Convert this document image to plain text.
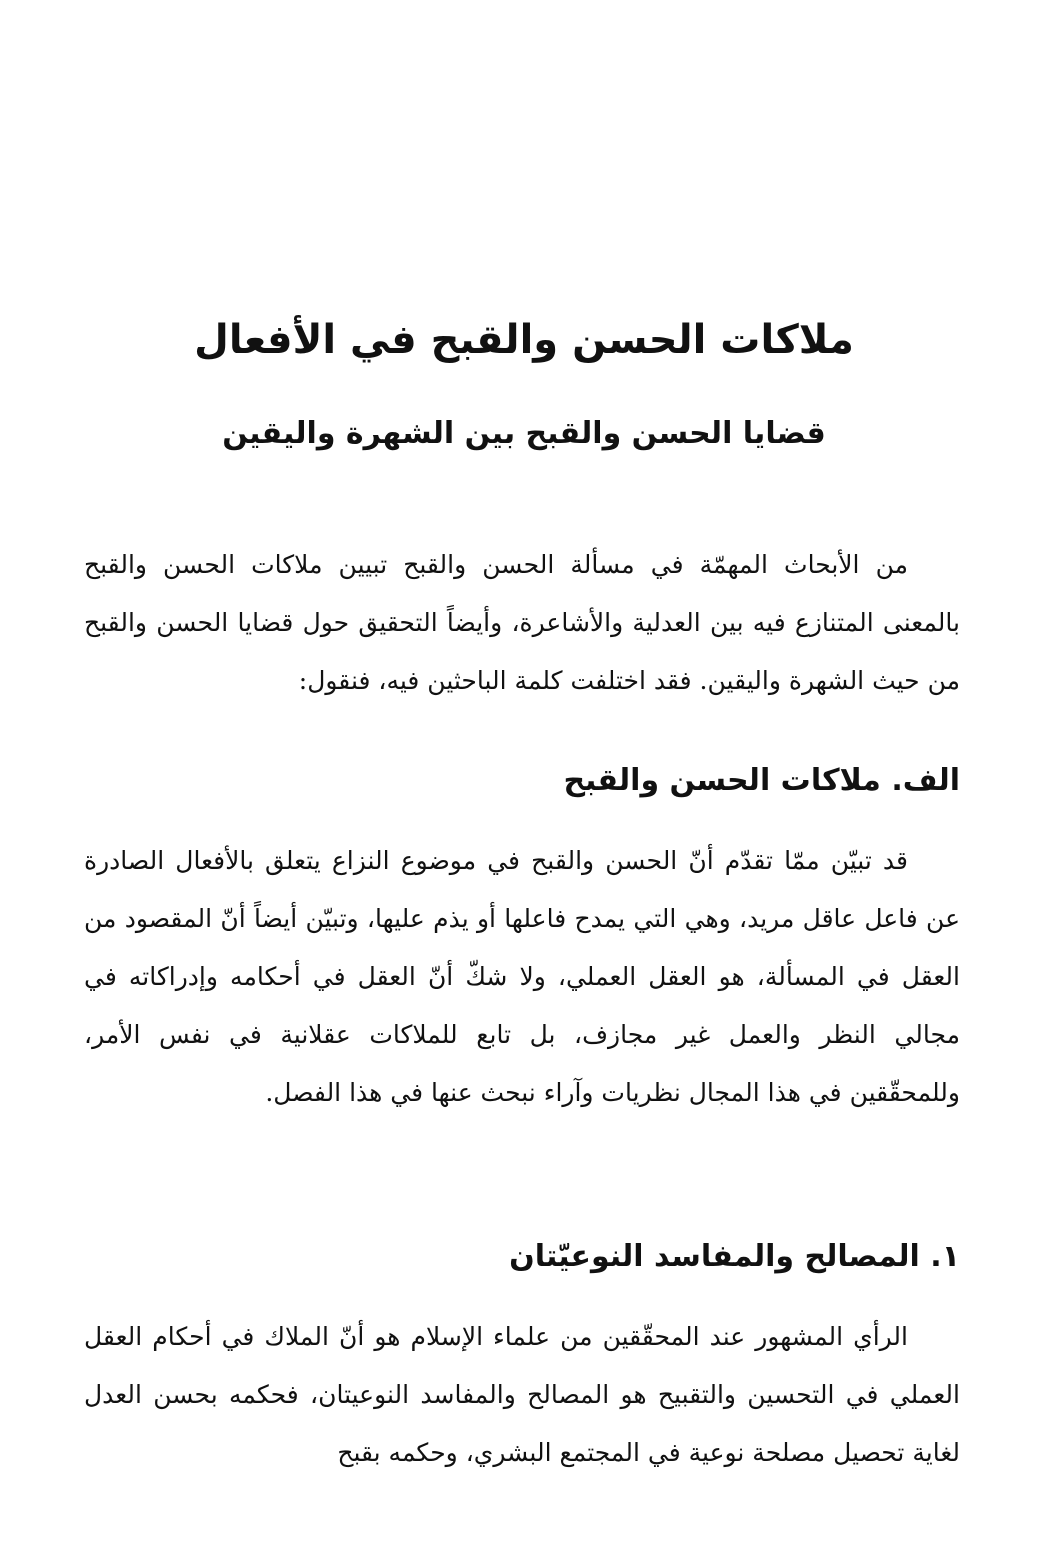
ملاكات الحسن والقبح في الأفعال
قضايا الحسن والقبح بين الشهرة واليقين

من الأبحاث المهمّة في مسألة الحسن والقبح تبيين ملاكات الحسن والقبح بالمعنى المتنازع فيه بين العدلية والأشاعرة، وأيضاً التحقيق حول قضايا الحسن والقبح من حيث الشهرة واليقين. فقد اختلفت كلمة الباحثين فيه، فنقول:

الف. ملاكات الحسن والقبح

قد تبيّن ممّا تقدّم أنّ الحسن والقبح في موضوع النزاع يتعلق بالأفعال الصادرة عن فاعل عاقل مريد، وهي التي يمدح فاعلها أو يذم عليها، وتبيّن أيضاً أنّ المقصود من العقل في المسألة، هو العقل العملي، ولا شكّ أنّ العقل في أحكامه وإدراكاته في مجالي النظر والعمل غير مجازف، بل تابع للملاكات عقلانية في نفس الأمر، وللمحقّقين في هذا المجال نظريات وآراء نبحث عنها في هذا الفصل.

١. المصالح والمفاسد النوعيّتان

الرأي المشهور عند المحقّقين من علماء الإسلام هو أنّ الملاك في أحكام العقل العملي في التحسين والتقبيح هو المصالح والمفاسد النوعيتان، فحكمه بحسن العدل لغاية تحصيل مصلحة نوعية في المجتمع البشري، وحكمه بقبح
